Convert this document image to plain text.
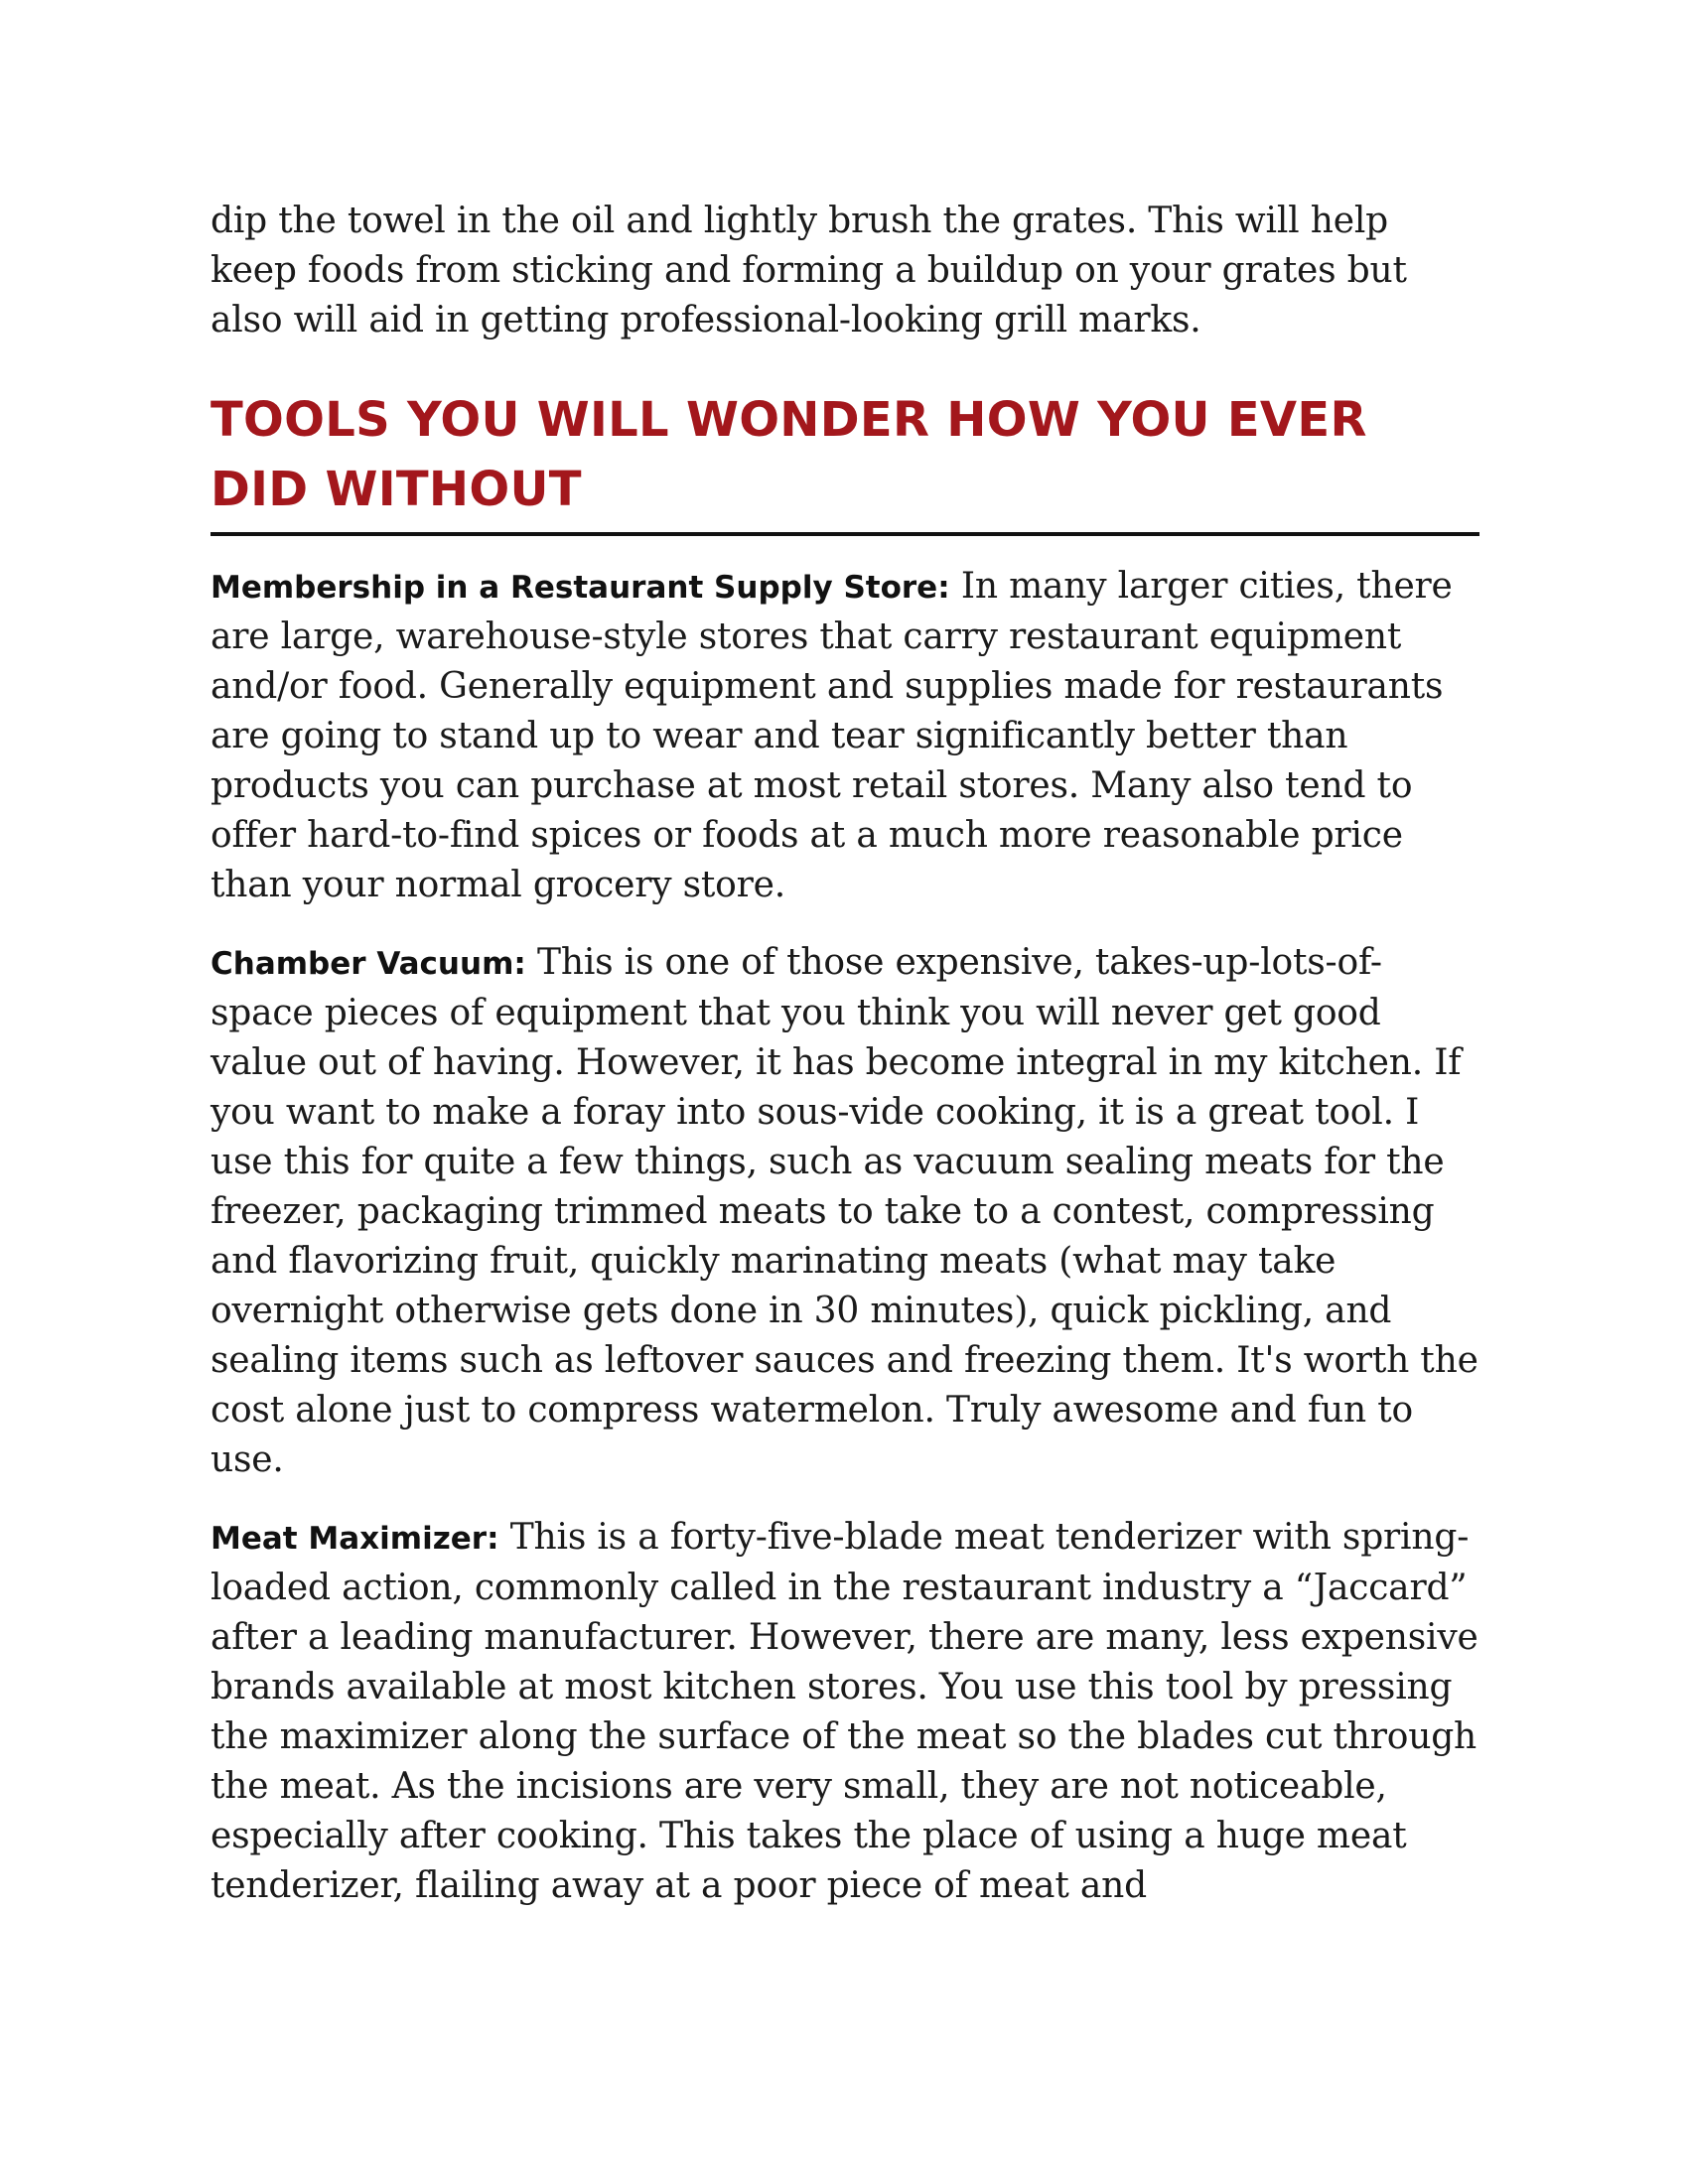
dip the towel in the oil and lightly brush the grates. This will help keep foods from sticking and forming a buildup on your grates but also will aid in getting professional-looking grill marks.

TOOLS YOU WILL WONDER HOW YOU EVER DID WITHOUT

Membership in a Restaurant Supply Store: In many larger cities, there are large, warehouse-style stores that carry restaurant equipment and/or food. Generally equipment and supplies made for restaurants are going to stand up to wear and tear significantly better than products you can purchase at most retail stores. Many also tend to offer hard-to-find spices or foods at a much more reasonable price than your normal grocery store.

Chamber Vacuum: This is one of those expensive, takes-up-lots-of-space pieces of equipment that you think you will never get good value out of having. However, it has become integral in my kitchen. If you want to make a foray into sous-vide cooking, it is a great tool. I use this for quite a few things, such as vacuum sealing meats for the freezer, packaging trimmed meats to take to a contest, compressing and flavorizing fruit, quickly marinating meats (what may take overnight otherwise gets done in 30 minutes), quick pickling, and sealing items such as leftover sauces and freezing them. It's worth the cost alone just to compress watermelon. Truly awesome and fun to use.

Meat Maximizer: This is a forty-five-blade meat tenderizer with spring-loaded action, commonly called in the restaurant industry a “Jaccard” after a leading manufacturer. However, there are many, less expensive brands available at most kitchen stores. You use this tool by pressing the maximizer along the surface of the meat so the blades cut through the meat. As the incisions are very small, they are not noticeable, especially after cooking. This takes the place of using a huge meat tenderizer, flailing away at a poor piece of meat and
